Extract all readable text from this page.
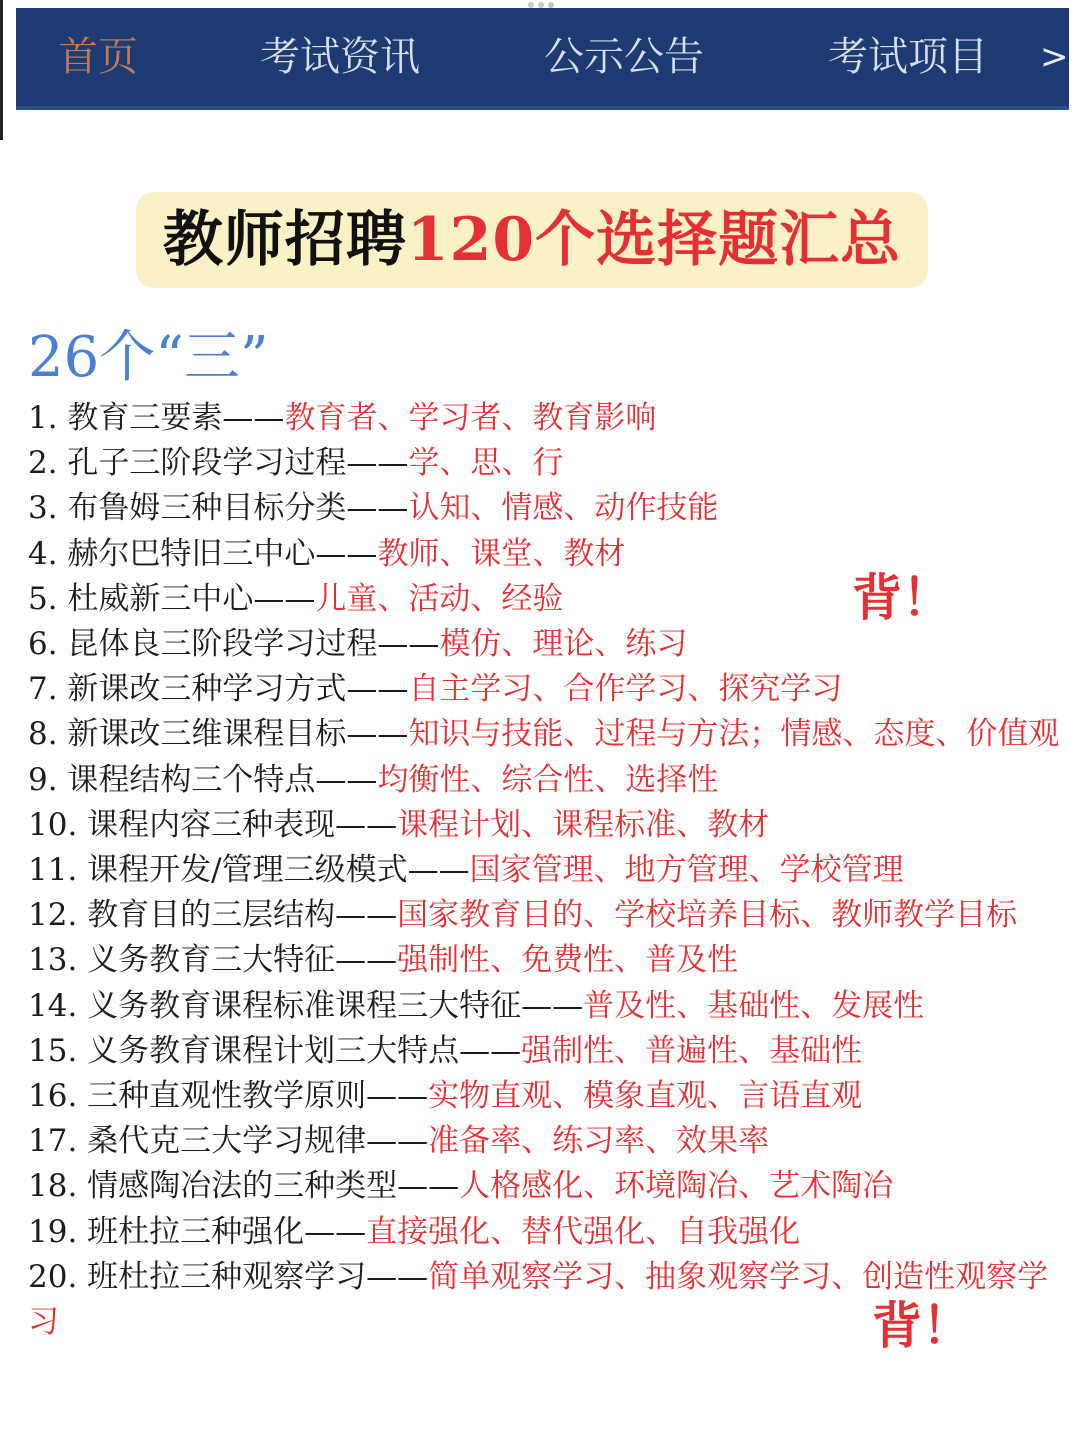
首页	考试资讯	公示公告	考试项目 >
教师招聘120个选择题汇总
26个“三”
1. 教育三要素——教育者、学习者、教育影响
2. 孔子三阶段学习过程——学、思、行
3. 布鲁姆三种目标分类——认知、情感、动作技能
4. 赫尔巴特旧三中心——教师、课堂、教材
5. 杜威新三中心——儿童、活动、经验
6. 昆体良三阶段学习过程——模仿、理论、练习
7. 新课改三种学习方式——自主学习、合作学习、探究学习
8. 新课改三维课程目标——知识与技能、过程与方法；情感、态度、价值观
9. 课程结构三个特点——均衡性、综合性、选择性
10. 课程内容三种表现——课程计划、课程标准、教材
11. 课程开发/管理三级模式——国家管理、地方管理、学校管理
12. 教育目的三层结构——国家教育目的、学校培养目标、教师教学目标
13. 义务教育三大特征——强制性、免费性、普及性
14. 义务教育课程标准课程三大特征——普及性、基础性、发展性
15. 义务教育课程计划三大特点——强制性、普遍性、基础性
16. 三种直观性教学原则——实物直观、模象直观、言语直观
17. 桑代克三大学习规律——准备率、练习率、效果率
18. 情感陶冶法的三种类型——人格感化、环境陶冶、艺术陶冶
19. 班杜拉三种强化——直接强化、替代强化、自我强化
20. 班杜拉三种观察学习——简单观察学习、抽象观察学习、创造性观察学习
背！
背！
